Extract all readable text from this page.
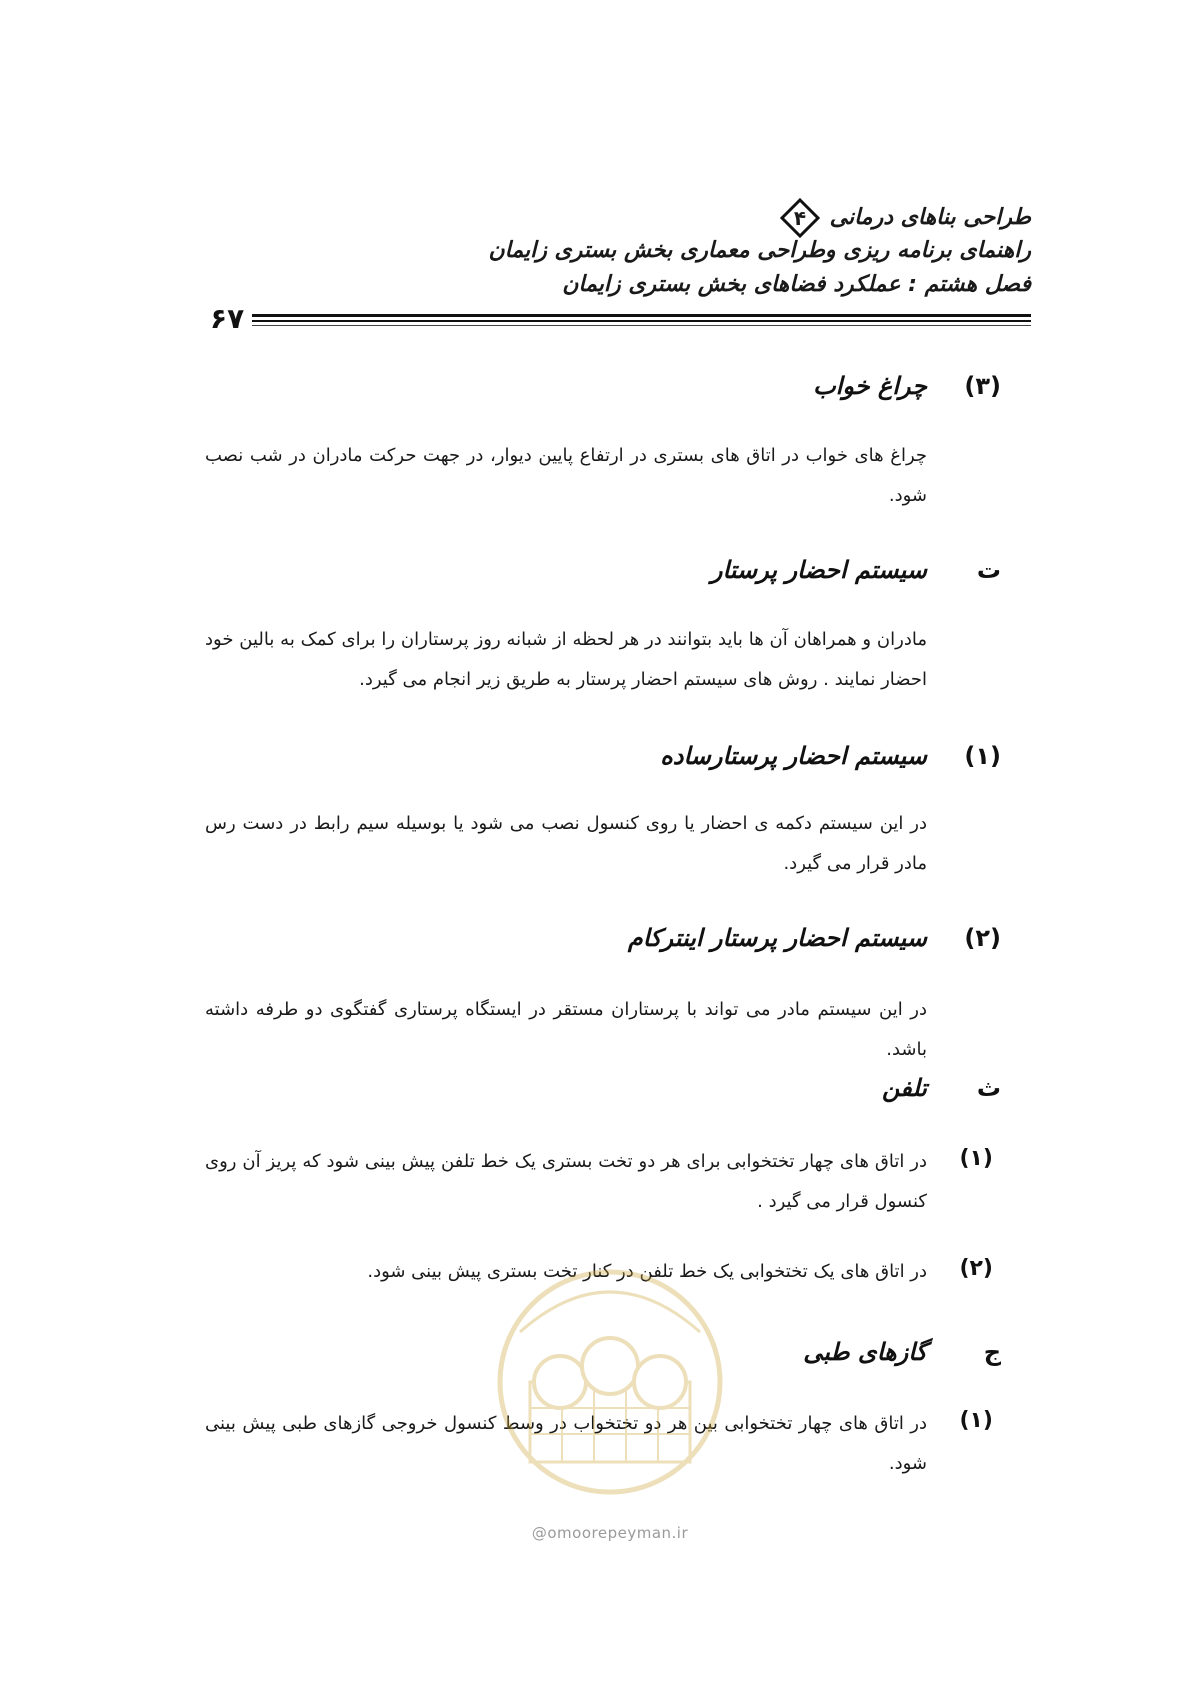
طراحی بناهای درمانی
۴
راهنمای برنامه ریزی وطراحی معماری بخش بستری زایمان
فصل هشتم : عملکرد فضاهای بخش بستری زایمان
۶۷
(۳)چراغ خواب
چراغ های خواب در اتاق های بستری در ارتفاع پایین دیوار، در جهت حرکت مادران در شب نصب شود.
تسیستم احضار پرستار
مادران و همراهان آن ها باید بتوانند در هر لحظه از شبانه روز پرستاران را برای کمک به بالین خود احضار نمایند . روش های سیستم احضار پرستار به طریق زیر انجام می گیرد.
(۱)سیستم احضار پرستارساده
در این سیستم دکمه ی احضار یا روی کنسول نصب می شود یا بوسیله سیم رابط در دست رس مادر قرار می گیرد.
(۲)سیستم احضار پرستار اینترکام
در این سیستم مادر می تواند با پرستاران مستقر در ایستگاه پرستاری گفتگوی دو طرفه داشته باشد.
ثتلفن
(۱)
در اتاق های چهار تختخوابی برای هر دو تخت بستری یک خط تلفن پیش بینی شود که پریز آن روی کنسول قرار می گیرد .
(۲)
در اتاق های یک تختخوابی یک خط تلفن در کنار تخت بستری پیش بینی شود.
جگازهای طبی
(۱)
در اتاق های چهار تختخوابی بین هر دو تختخواب در وسط کنسول خروجی گازهای طبی پیش بینی شود.
@omoorepeyman.ir
